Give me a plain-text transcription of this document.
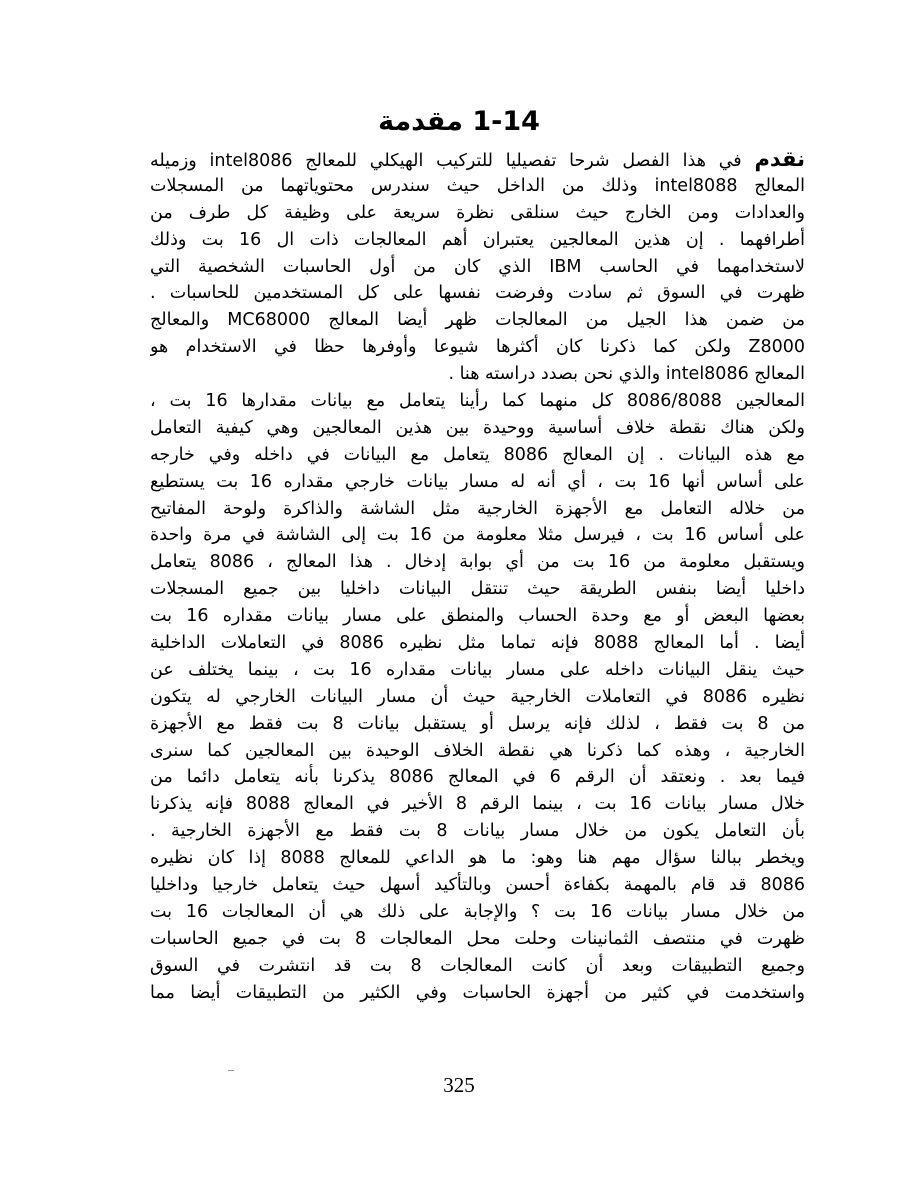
1-14 مقدمة
نقدم في هذا الفصل شرحا تفصيليا للتركيب الهيكلي للمعالج intel8086 وزميله
المعالج intel8088 وذلك من الداخل حيث سندرس محتوياتهما من المسجلات
والعدادات ومن الخارج حيث سنلقى نظرة سريعة على وظيفة كل طرف من
أطرافهما . إن هذين المعالجين يعتبران أهم المعالجات ذات ال 16 بت وذلك
لاستخدامهما في الحاسب IBM الذي كان من أول الحاسبات الشخصية التي
ظهرت في السوق ثم سادت وفرضت نفسها على كل المستخدمين للحاسبات .
من ضمن هذا الجيل من المعالجات ظهر أيضا المعالج MC68000 والمعالج
Z8000 ولكن كما ذكرنا كان أكثرها شيوعا وأوفرها حظا في الاستخدام هو
المعالج intel8086 والذي نحن بصدد دراسته هنا .
المعالجين 8086/8088 كل منهما كما رأينا يتعامل مع بيانات مقدارها 16 بت ،
ولكن هناك نقطة خلاف أساسية ووحيدة بين هذين المعالجين وهي كيفية التعامل
مع هذه البيانات . إن المعالج 8086 يتعامل مع البيانات في داخله وفي خارجه
على أساس أنها 16 بت ، أي أنه له مسار بيانات خارجي مقداره 16 بت يستطيع
من خلاله التعامل مع الأجهزة الخارجية مثل الشاشة والذاكرة ولوحة المفاتيح
على أساس 16 بت ، فيرسل مثلا معلومة من 16 بت إلى الشاشة في مرة واحدة
ويستقبل معلومة من 16 بت من أي بوابة إدخال . هذا المعالج ، 8086 يتعامل
داخليا أيضا بنفس الطريقة حيث تنتقل البيانات داخليا بين جميع المسجلات
بعضها البعض أو مع وحدة الحساب والمنطق على مسار بيانات مقداره 16 بت
أيضا . أما المعالج 8088 فإنه تماما مثل نظيره 8086 في التعاملات الداخلية
حيث ينقل البيانات داخله على مسار بيانات مقداره 16 بت ، بينما يختلف عن
نظيره 8086 في التعاملات الخارجية حيث أن مسار البيانات الخارجي له يتكون
من 8 بت فقط ، لذلك فإنه يرسل أو يستقبل بيانات 8 بت فقط مع الأجهزة
الخارجية ، وهذه كما ذكرنا هي نقطة الخلاف الوحيدة بين المعالجين كما سنرى
فيما بعد . ونعتقد أن الرقم 6 في المعالج 8086 يذكرنا بأنه يتعامل دائما من
خلال مسار بيانات 16 بت ، بينما الرقم 8 الأخير في المعالج 8088 فإنه يذكرنا
بأن التعامل يكون من خلال مسار بيانات 8 بت فقط مع الأجهزة الخارجية .
ويخطر ببالنا سؤال مهم هنا وهو: ما هو الداعي للمعالج 8088 إذا كان نظيره
8086 قد قام بالمهمة بكفاءة أحسن وبالتأكيد أسهل حيث يتعامل خارجيا وداخليا
من خلال مسار بيانات 16 بت ؟ والإجابة على ذلك هي أن المعالجات 16 بت
ظهرت في منتصف الثمانينات وحلت محل المعالجات 8 بت في جميع الحاسبات
وجميع التطبيقات وبعد أن كانت المعالجات 8 بت قد انتشرت في السوق
واستخدمت في كثير من أجهزة الحاسبات وفي الكثير من التطبيقات أيضا مما
325
